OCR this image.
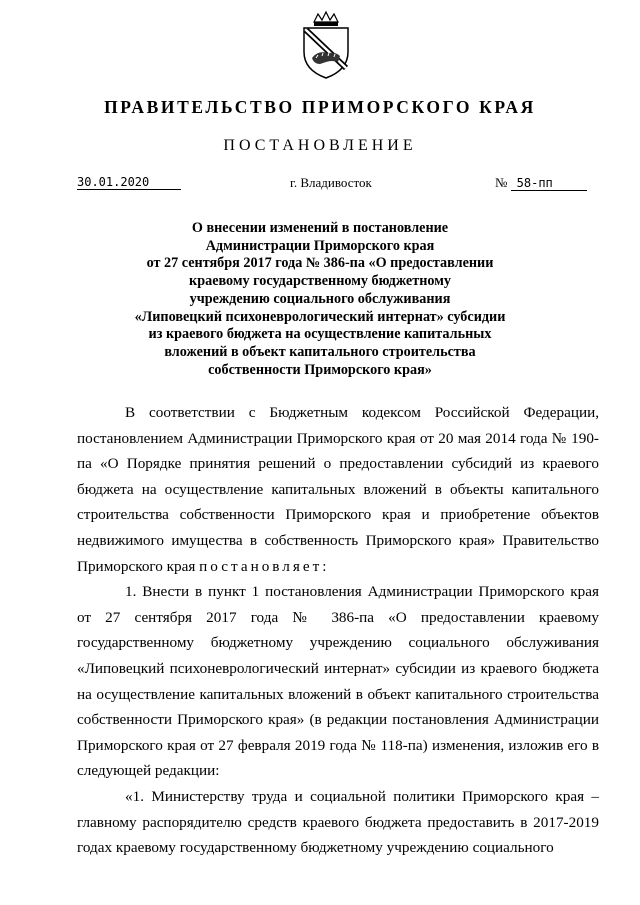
ПРАВИТЕЛЬСТВО ПРИМОРСКОГО КРАЯ
ПОСТАНОВЛЕНИЕ
30.01.2020	г. Владивосток	№ 58-пп
О внесении изменений в постановление
Администрации Приморского края
от 27 сентября 2017 года № 386-па «О предоставлении
краевому государственному бюджетному
учреждению социального обслуживания
«Липовецкий психоневрологический интернат» субсидии
из краевого бюджета на осуществление капитальных
вложений в объект капитального строительства
собственности Приморского края»

В соответствии с Бюджетным кодексом Российской Федерации, постановлением Администрации Приморского края от 20 мая 2014 года № 190-па «О Порядке принятия решений о предоставлении субсидий из краевого бюджета на осуществление капитальных вложений в объекты капитального строительства собственности Приморского края и приобретение объектов недвижимого имущества в собственность Приморского края» Правительство Приморского края постановляет:

1. Внести в пункт 1 постановления Администрации Приморского края от 27 сентября 2017 года № 386-па «О предоставлении краевому государственному бюджетному учреждению социального обслуживания «Липовецкий психоневрологический интернат» субсидии из краевого бюджета на осуществление капитальных вложений в объект капитального строительства собственности Приморского края» (в редакции постановления Администрации Приморского края от 27 февраля 2019 года № 118-па) изменения, изложив его в следующей редакции:

«1. Министерству труда и социальной политики Приморского края – главному распорядителю средств краевого бюджета предоставить в 2017-2019 годах краевому государственному бюджетному учреждению социального
